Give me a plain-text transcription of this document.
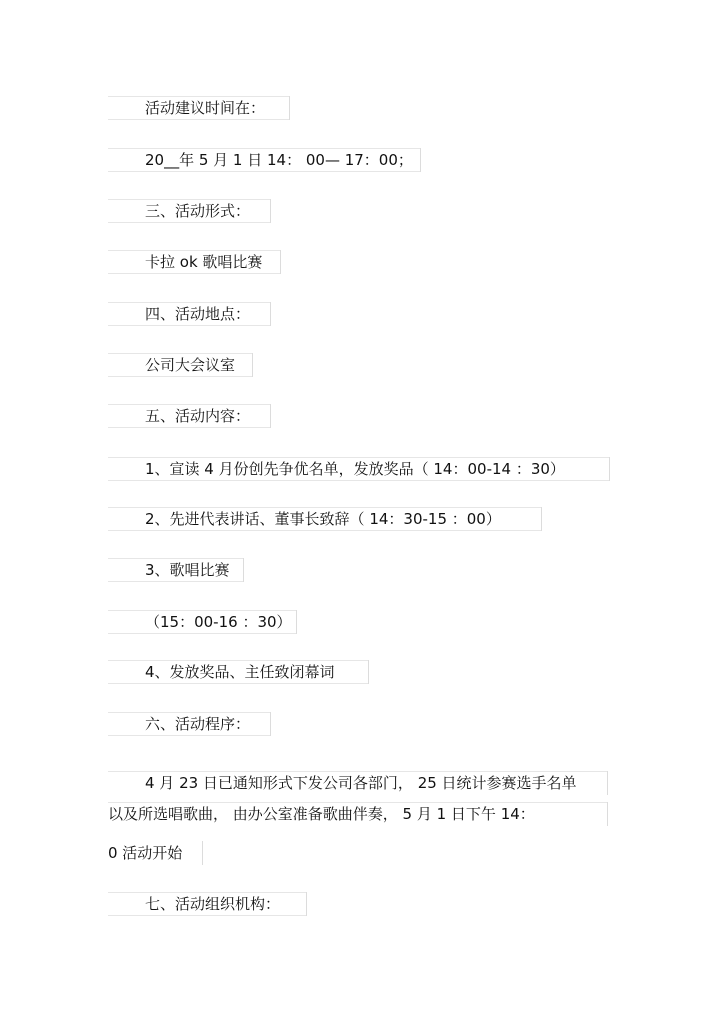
活动建议时间在：
20__年 5 月 1 日 14： 00— 17：00；
三、活动形式：
卡拉 ok 歌唱比赛
四、活动地点：
公司大会议室
五、活动内容：
1、宣读 4 月份创先争优名单，发放奖品（ 14：00-14 ：30）
2、先进代表讲话、董事长致辞（ 14：30-15 ：00）
3、歌唱比赛
（15：00-16 ：30）
4、发放奖品、主任致闭幕词
六、活动程序：
4 月 23 日已通知形式下发公司各部门， 25 日统计参赛选手名单
以及所选唱歌曲， 由办公室准备歌曲伴奏， 5 月 1 日下午 14：
0 活动开始
七、活动组织机构：
